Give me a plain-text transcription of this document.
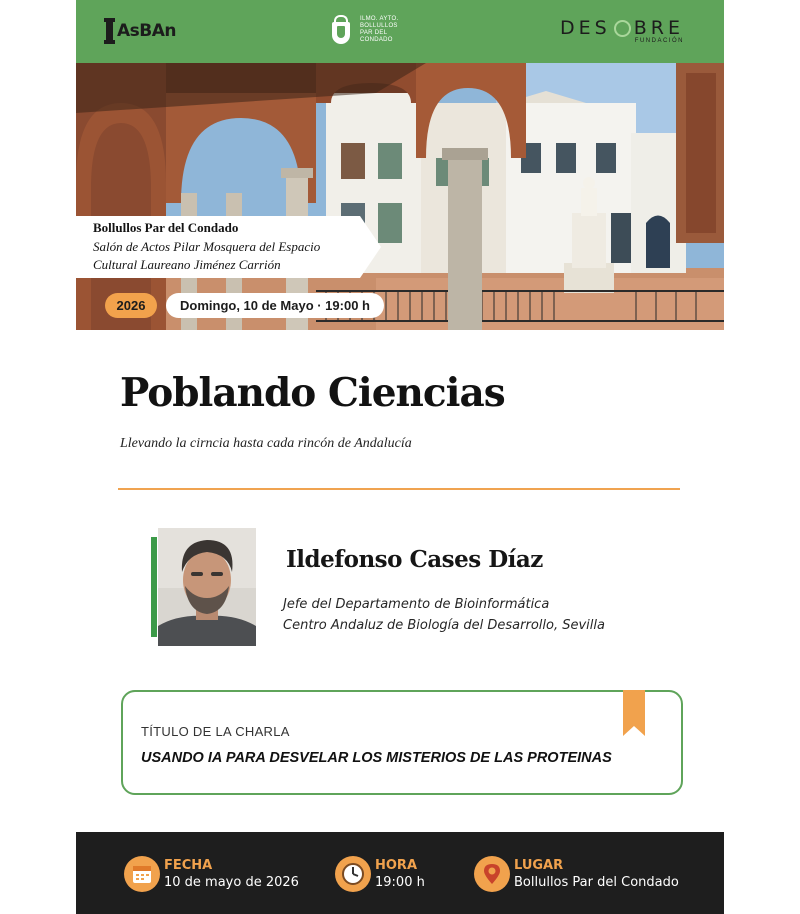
AsBAn
ILMO. AYTO. BOLLULLOS PAR DEL CONDADO
DES BRE
FUNDACIÓN
Bollullos Par del Condado
Salón de Actos Pilar Mosquera del Espacio Cultural Laureano Jiménez Carrión
2026	Domingo, 10 de Mayo · 19:00 h
Poblando Ciencias
Llevando la cirncia hasta cada rincón de Andalucía
Ildefonso Cases Díaz
Jefe del Departamento de Bioinformática
Centro Andaluz de Biología del Desarrollo, Sevilla
TÍTULO DE LA CHARLA
USANDO IA PARA DESVELAR LOS MISTERIOS DE LAS PROTEINAS
FECHA
10 de mayo de 2026
HORA
19:00 h
LUGAR
Bollullos Par del Condado
